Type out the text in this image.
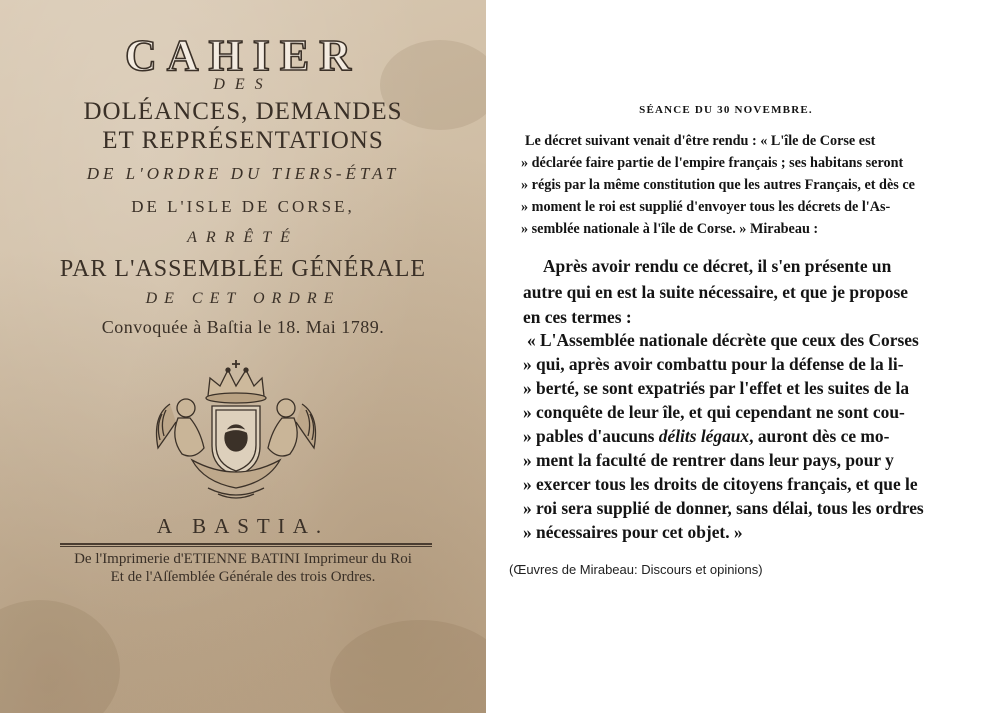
CAHIER
DES
DOLÉANCES, DEMANDES
ET REPRÉSENTATIONS
DE L'ORDRE DU TIERS-ÉTAT
DE L'ISLE DE CORSE,
ARRÊTÉ
PAR L'ASSEMBLÉE GÉNÉRALE
DE CET ORDRE
Convoquée à Baſtia le 18. Mai 1789.
A BASTIA.
De l'Imprimerie d'ETIENNE BATINI Imprimeur du Roi
Et de l'Aſſemblée Générale des trois Ordres.
SÉANCE DU 30 NOVEMBRE.
Le décret suivant venait d'être rendu : « L'île de Corse est
» déclarée faire partie de l'empire français ; ses habitans seront
» régis par la même constitution que les autres Français, et dès ce
» moment le roi est supplié d'envoyer tous les décrets de l'As-
» semblée nationale à l'île de Corse. » Mirabeau :
Après avoir rendu ce décret, il s'en présente un
autre qui en est la suite nécessaire, et que je propose
en ces termes :
« L'Assemblée nationale décrète que ceux des Corses
» qui, après avoir combattu pour la défense de la li-
» berté, se sont expatriés par l'effet et les suites de la
» conquête de leur île, et qui cependant ne sont cou-
» pables d'aucuns délits légaux, auront dès ce mo-
» ment la faculté de rentrer dans leur pays, pour y
» exercer tous les droits de citoyens français, et que le
» roi sera supplié de donner, sans délai, tous les ordres
» nécessaires pour cet objet. »
(Œuvres de Mirabeau: Discours et opinions)
